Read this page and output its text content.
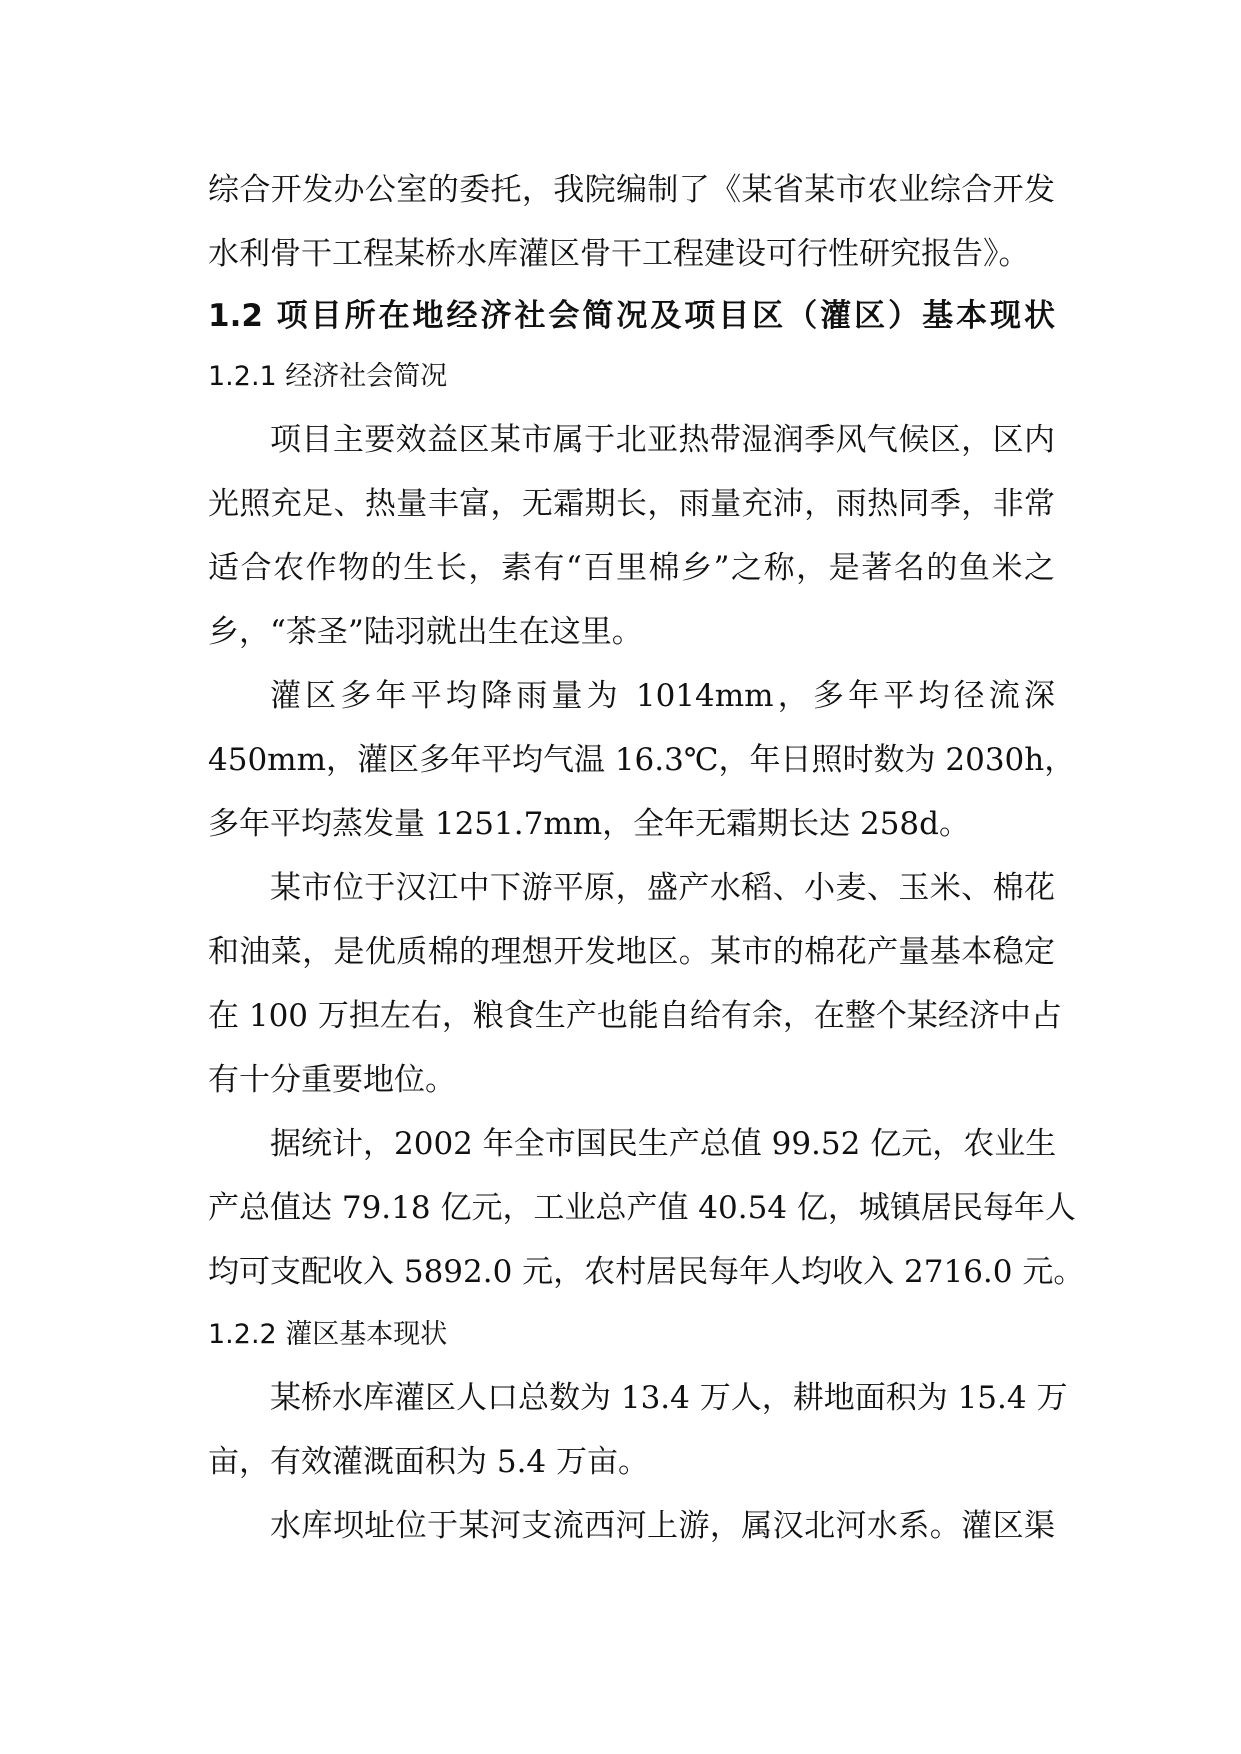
综合开发办公室的委托，我院编制了《某省某市农业综合开发
水利骨干工程某桥水库灌区骨干工程建设可行性研究报告》。
1.2 项目所在地经济社会简况及项目区（灌区）基本现状
1.2.1 经济社会简况
项目主要效益区某市属于北亚热带湿润季风气候区，区内
光照充足、热量丰富，无霜期长，雨量充沛，雨热同季，非常
适合农作物的生长，素有“百里棉乡”之称，是著名的鱼米之
乡，“茶圣”陆羽就出生在这里。
灌区多年平均降雨量为 1014mm，多年平均径流深
450mm，灌区多年平均气温 16.3℃，年日照时数为 2030h，
多年平均蒸发量 1251.7mm，全年无霜期长达 258d。
某市位于汉江中下游平原，盛产水稻、小麦、玉米、棉花
和油菜，是优质棉的理想开发地区。某市的棉花产量基本稳定
在 100 万担左右，粮食生产也能自给有余，在整个某经济中占
有十分重要地位。
据统计，2002 年全市国民生产总值 99.52 亿元，农业生
产总值达 79.18 亿元，工业总产值 40.54 亿，城镇居民每年人
均可支配收入 5892.0 元，农村居民每年人均收入 2716.0 元。
1.2.2 灌区基本现状
某桥水库灌区人口总数为 13.4 万人，耕地面积为 15.4 万
亩，有效灌溉面积为 5.4 万亩。
水库坝址位于某河支流西河上游，属汉北河水系。灌区渠
